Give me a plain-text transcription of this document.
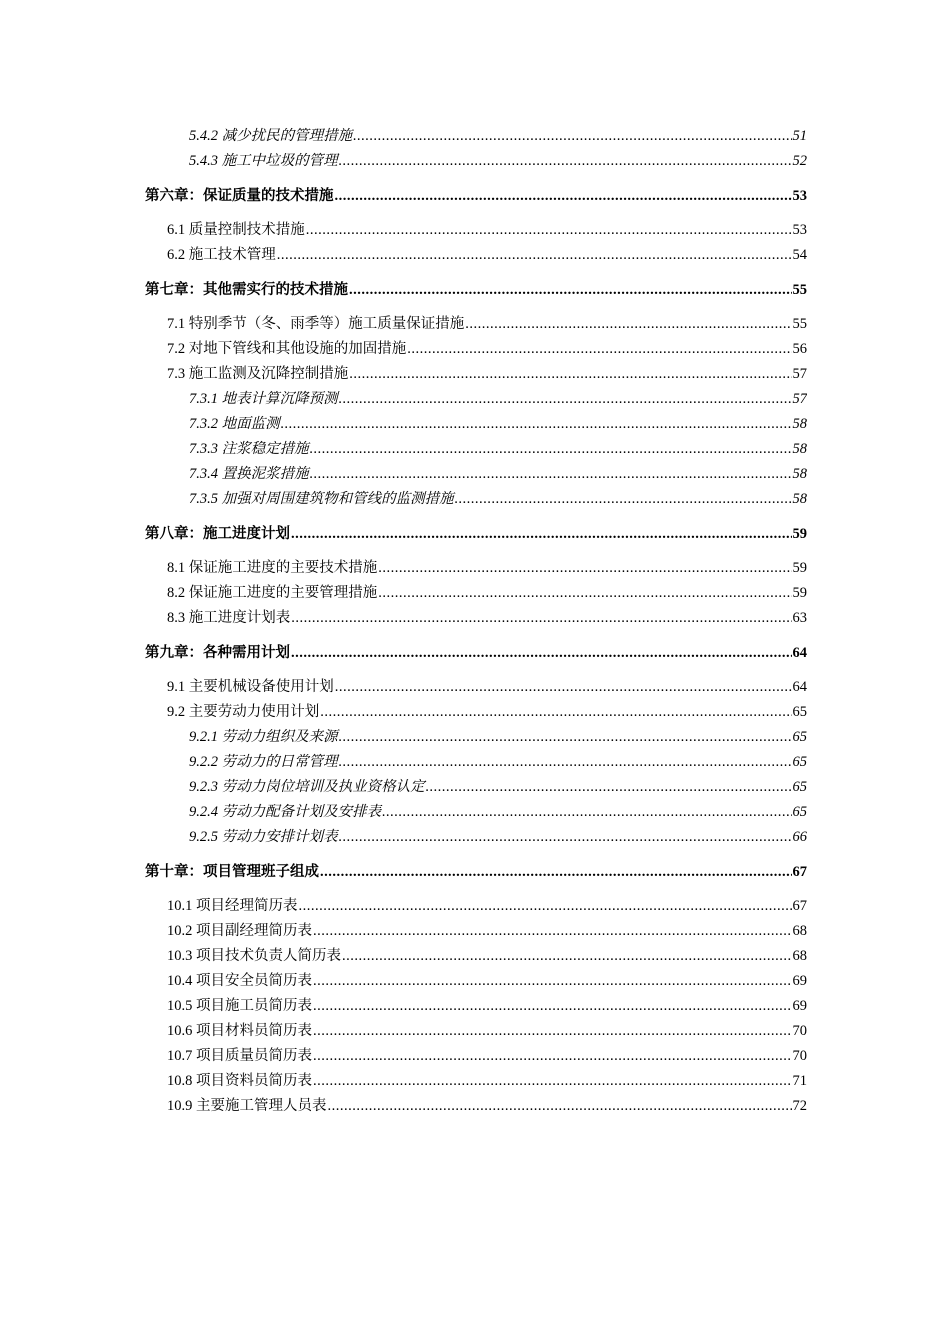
5.4.2 减少扰民的管理措施 .....	51
5.4.3 施工中垃圾的管理 .....	52
第六章：保证质量的技术措施 .....	53
6.1 质量控制技术措施 .....	53
6.2 施工技术管理 .....	54
第七章：其他需实行的技术措施 .....	55
7.1 特别季节（冬、雨季等）施工质量保证措施 .....	55
7.2 对地下管线和其他设施的加固措施 .....	56
7.3 施工监测及沉降控制措施 .....	57
7.3.1 地表计算沉降预测 .....	57
7.3.2 地面监测 .....	58
7.3.3 注浆稳定措施 .....	58
7.3.4 置换泥浆措施 .....	58
7.3.5 加强对周围建筑物和管线的监测措施 .....	58
第八章：施工进度计划 .....	59
8.1 保证施工进度的主要技术措施 .....	59
8.2 保证施工进度的主要管理措施 .....	59
8.3 施工进度计划表 .....	63
第九章：各种需用计划 .....	64
9.1 主要机械设备使用计划 .....	64
9.2 主要劳动力使用计划 .....	65
9.2.1 劳动力组织及来源 .....	65
9.2.2 劳动力的日常管理 .....	65
9.2.3 劳动力岗位培训及执业资格认定 .....	65
9.2.4 劳动力配备计划及安排表 .....	65
9.2.5 劳动力安排计划表 .....	66
第十章：项目管理班子组成 .....	67
10.1 项目经理简历表 .....	67
10.2 项目副经理简历表 .....	68
10.3 项目技术负责人简历表 .....	68
10.4 项目安全员简历表 .....	69
10.5 项目施工员简历表 .....	69
10.6 项目材料员简历表 .....	70
10.7 项目质量员简历表 .....	70
10.8 项目资料员简历表 .....	71
10.9 主要施工管理人员表 .....	72
